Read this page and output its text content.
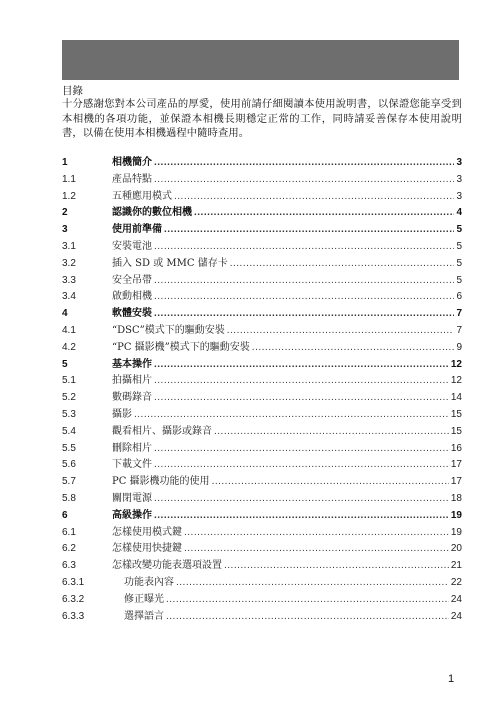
目錄
十分感謝您對本公司產品的厚愛，使用前請仔細閱讀本使用說明書，以保證您能享受到本相機的各項功能，並保證本相機長期穩定正常的工作，同時請妥善保存本使用說明書，以備在使用本相機過程中隨時查用。
1	相機簡介 .....	3
1.1	產品特點 .....	3
1.2	五種應用模式 .....	3
2	認識你的數位相機 .....	4
3	使用前準備 .....	5
3.1	安裝電池 .....	5
3.2	插入 SD 或 MMC 儲存卡 .....	5
3.3	安全吊帶 .....	5
3.4	啟動相機 .....	6
4	軟體安裝 .....	7
4.1	“DSC”模式下的驅動安裝 .....	7
4.2	“PC 攝影機”模式下的驅動安裝 .....	9
5	基本操作 .....	12
5.1	拍攝相片 .....	12
5.2	數碼錄音 .....	14
5.3	攝影 .....	15
5.4	觀看相片、攝影或錄音 .....	15
5.5	刪除相片 .....	16
5.6	下載文件 .....	17
5.7	PC 攝影機功能的使用 .....	17
5.8	關閉電源 .....	18
6	高級操作 .....	19
6.1	怎樣使用模式鍵 .....	19
6.2	怎樣使用快捷鍵 .....	20
6.3	怎樣改變功能表選項設置 .....	21
6.3.1	功能表內容 .....	22
6.3.2	修正曝光 .....	24
6.3.3	選擇語言 .....	24
1
